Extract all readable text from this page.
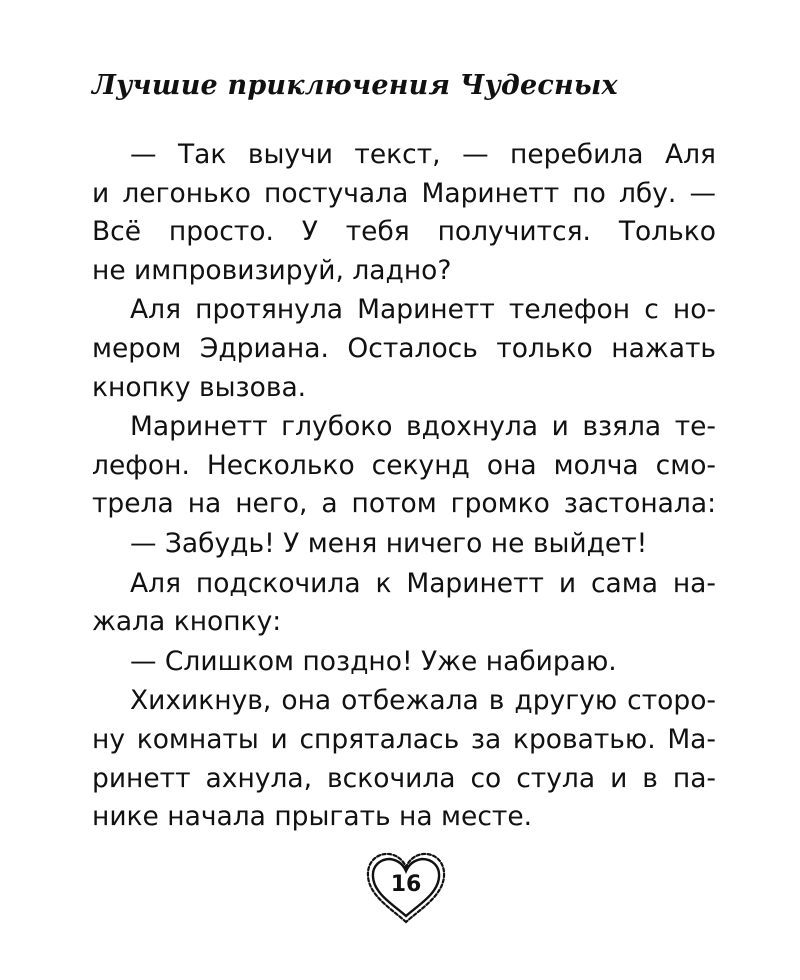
Лучшие приключения Чудесных

— Так выучи текст, — перебила Аля
и легонько постучала Маринетт по лбу. —
Всё просто. У тебя получится. Только
не импровизируй, ладно?

Аля протянула Маринетт телефон с но-
мером Эдриана. Осталось только нажать
кнопку вызова.

Маринетт глубоко вдохнула и взяла те-
лефон. Несколько секунд она молча смо-
трела на него, а потом громко застонала:

— Забудь! У меня ничего не выйдет!

Аля подскочила к Маринетт и сама на-
жала кнопку:

— Слишком поздно! Уже набираю.

Хихикнув, она отбежала в другую сторо-
ну комнаты и спряталась за кроватью. Ма-
ринетт ахнула, вскочила со стула и в па-
нике начала прыгать на месте.

16
